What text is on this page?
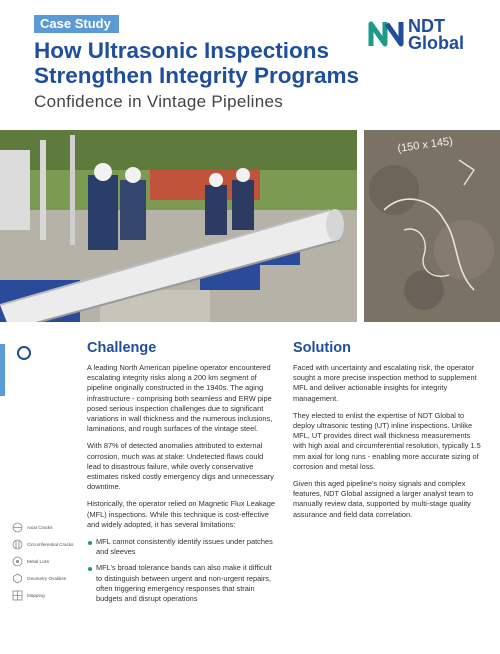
Case Study
How Ultrasonic Inspections
Strengthen Integrity Programs
Confidence in Vintage Pipelines
NDT
Global
(150 x 145)
Axial Cracks
Circumferential Cracks
Metal Loss
Geometry Ovalities
Mapping
Challenge

A leading North American pipeline operator encountered escalating integrity risks along a 200 km segment of pipeline originally constructed in the 1940s. The aging infrastructure - comprising both seamless and ERW pipe posed serious inspection challenges due to significant variations in wall thickness and the numerous inclusions, laminations, and rough surfaces of the vintage steel.

With 87% of detected anomalies attributed to external corrosion, much was at stake: Undetected flaws could lead to disastrous failure, while overly conservative estimates risked costly emergency digs and unnecessary downtime.

Historically, the operator relied on Magnetic Flux Leakage (MFL) inspections. While this technique is cost-effective and widely adopted, it has several limitations:

MFL cannot consistently identify issues under patches and sleeves
MFL’s broad tolerance bands can also make it difficult to distinguish between urgent and non-urgent repairs, often triggering emergency responses that strain budgets and disrupt operations
Solution

Faced with uncertainty and escalating risk, the operator sought a more precise inspection method to supplement MFL and deliver actionable insights for integrity management.

They elected to enlist the expertise of NDT Global to deploy ultrasonic testing (UT) inline inspections. Unlike MFL, UT provides direct wall thickness measurements with high axial and circumferential resolution, typically 1.5 mm axial for long runs - enabling more accurate sizing of corrosion and metal loss.

Given this aged pipeline’s noisy signals and complex features, NDT Global assigned a larger analyst team to manually review data, supported by multi-stage quality assurance and field data correlation.
